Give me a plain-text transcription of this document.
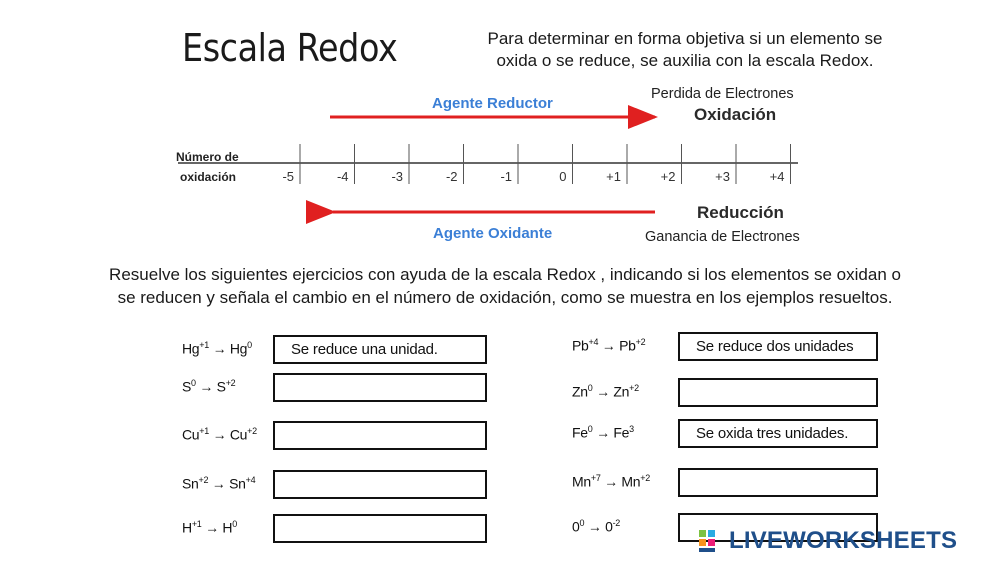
Escala Redox	Para determinar en forma objetiva si un elemento se
oxida o se reduce, se auxilia con la escala Redox.
Perdida de Electrones
Agente Reductor
Oxidación
Número de
oxidación	-5	-4	-3	-2	-1	0	+1	+2	+3	+4
Reducción
Agente Oxidante	Ganancia de Electrones
Resuelve los siguientes ejercicios con ayuda de la escala Redox , indicando si los elementos se oxidan o
se reducen y señala el cambio en el número de oxidación, como se muestra en los ejemplos resueltos.
$Hg^{+1} \to Hg^0$	Se reduce una unidad.
$S^0 \to S^{+2}$
$Cu^{+1} \to Cu^{+2}$
$Sn^{+2} \to Sn^{+4}$
$H^{+1} \to H^0$
$Pb^{+4} \to Pb^{+2}$	Se reduce dos unidades
$Zn^0 \to Zn^{+2}$
$Fe^0 \to Fe^3$	Se oxida tres unidades.
$Mn^{+7} \to Mn^{+2}$
$0^0 \to 0^{-2}$
LIVEWORKSHEETS
